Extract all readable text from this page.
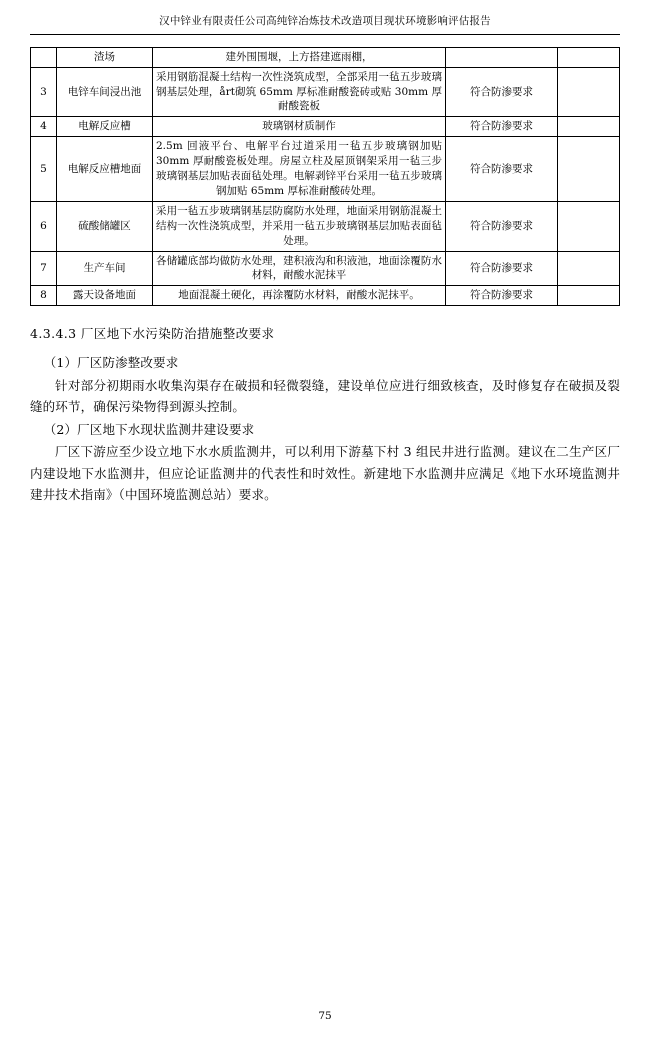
汉中锌业有限责任公司高纯锌冶炼技术改造项目现状环境影响评估报告
	渣场	建外围围堰，上方搭建遮雨棚，		
3	电锌车间浸出池	采用钢筋混凝土结构一次性浇筑成型，全部采用一毡五步玻璃钢基层处理，årt砌筑 65mm 厚标准耐酸瓷砖或贴 30mm 厚耐酸瓷板	符合防渗要求	
4	电解反应槽	玻璃钢材质制作	符合防渗要求	
5	电解反应槽地面	2.5m 回液平台、电解平台过道采用一毡五步玻璃钢加贴 30mm 厚耐酸瓷板处理。房屋立柱及屋顶钢架采用一毡三步玻璃钢基层加贴表面毡处理。电解剥锌平台采用一毡五步玻璃钢加贴 65mm 厚标准耐酸砖处理。	符合防渗要求	
6	硫酸储罐区	采用一毡五步玻璃钢基层防腐防水处理，地面采用钢筋混凝土结构一次性浇筑成型，并采用一毡五步玻璃钢基层加贴表面毡处理。	符合防渗要求	
7	生产车间	各储罐底部均做防水处理，建积液沟和积液池，地面涂覆防水材料，耐酸水泥抹平	符合防渗要求	
8	露天设备地面	地面混凝土硬化，再涂覆防水材料，耐酸水泥抹平。	符合防渗要求	
4.3.4.3 厂区地下水污染防治措施整改要求

（1）厂区防渗整改要求

针对部分初期雨水收集沟渠存在破损和轻微裂缝，建设单位应进行细致核查，及时修复存在破损及裂缝的环节，确保污染物得到源头控制。

（2）厂区地下水现状监测井建设要求

厂区下游应至少设立地下水水质监测井，可以利用下游墓下村 3 组民井进行监测。建议在二生产区厂内建设地下水监测井，但应论证监测井的代表性和时效性。新建地下水监测井应满足《地下水环境监测井建井技术指南》（中国环境监测总站）要求。

75
